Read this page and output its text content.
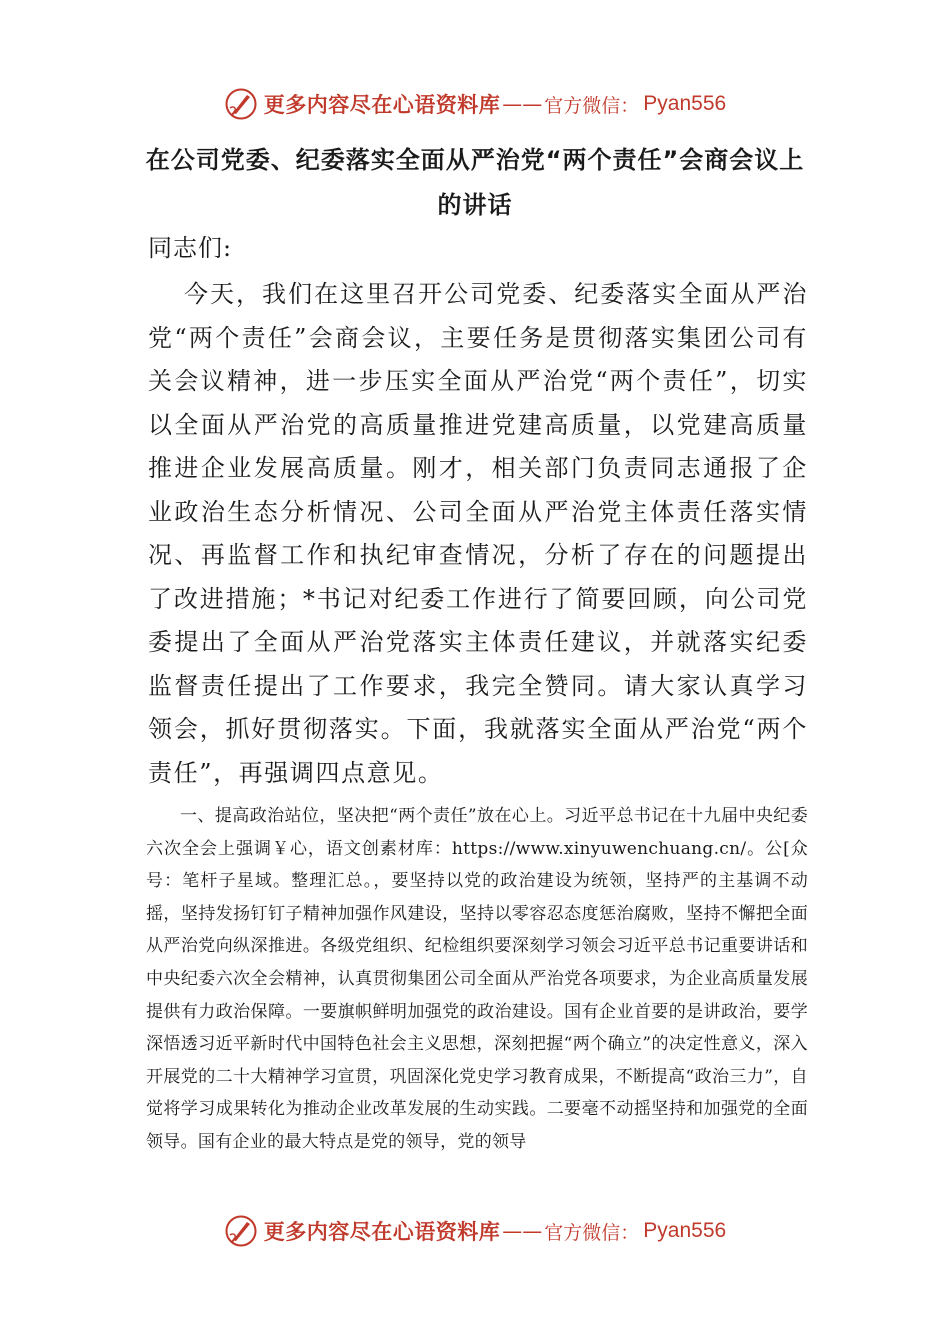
更多内容尽在心语资料库 —— 官方微信： Pyan556
在公司党委、纪委落实全面从严治党“两个责任”会商会议上的讲话

同志们:

今天，我们在这里召开公司党委、纪委落实全面从严治党“两个责任”会商会议，主要任务是贯彻落实集团公司有关会议精神，进一步压实全面从严治党“两个责任”，切实以全面从严治党的高质量推进党建高质量，以党建高质量推进企业发展高质量。刚才，相关部门负责同志通报了企业政治生态分析情况、公司全面从严治党主体责任落实情况、再监督工作和执纪审查情况，分析了存在的问题提出了改进措施；*书记对纪委工作进行了简要回顾，向公司党委提出了全面从严治党落实主体责任建议，并就落实纪委监督责任提出了工作要求，我完全赞同。请大家认真学习领会，抓好贯彻落实。下面，我就落实全面从严治党“两个责任”，再强调四点意见。

一、提高政治站位，坚决把“两个责任”放在心上。习近平总书记在十九届中央纪委六次全会上强调￥心，语文创素材库：https://www.xinyuwenchuang.cn/。公[众号：笔杆子星域。整理汇总。，要坚持以党的政治建设为统领，坚持严的主基调不动摇，坚持发扬钉钉子精神加强作风建设，坚持以零容忍态度惩治腐败，坚持不懈把全面从严治党向纵深推进。各级党组织、纪检组织要深刻学习领会习近平总书记重要讲话和中央纪委六次全会精神，认真贯彻集团公司全面从严治党各项要求，为企业高质量发展提供有力政治保障。一要旗帜鲜明加强党的政治建设。国有企业首要的是讲政治，要学深悟透习近平新时代中国特色社会主义思想，深刻把握“两个确立”的决定性意义，深入开展党的二十大精神学习宣贯，巩固深化党史学习教育成果，不断提高“政治三力”，自觉将学习成果转化为推动企业改革发展的生动实践。二要毫不动摇坚持和加强党的全面领导。国有企业的最大特点是党的领导，党的领导

更多内容尽在心语资料库 —— 官方微信： Pyan556
